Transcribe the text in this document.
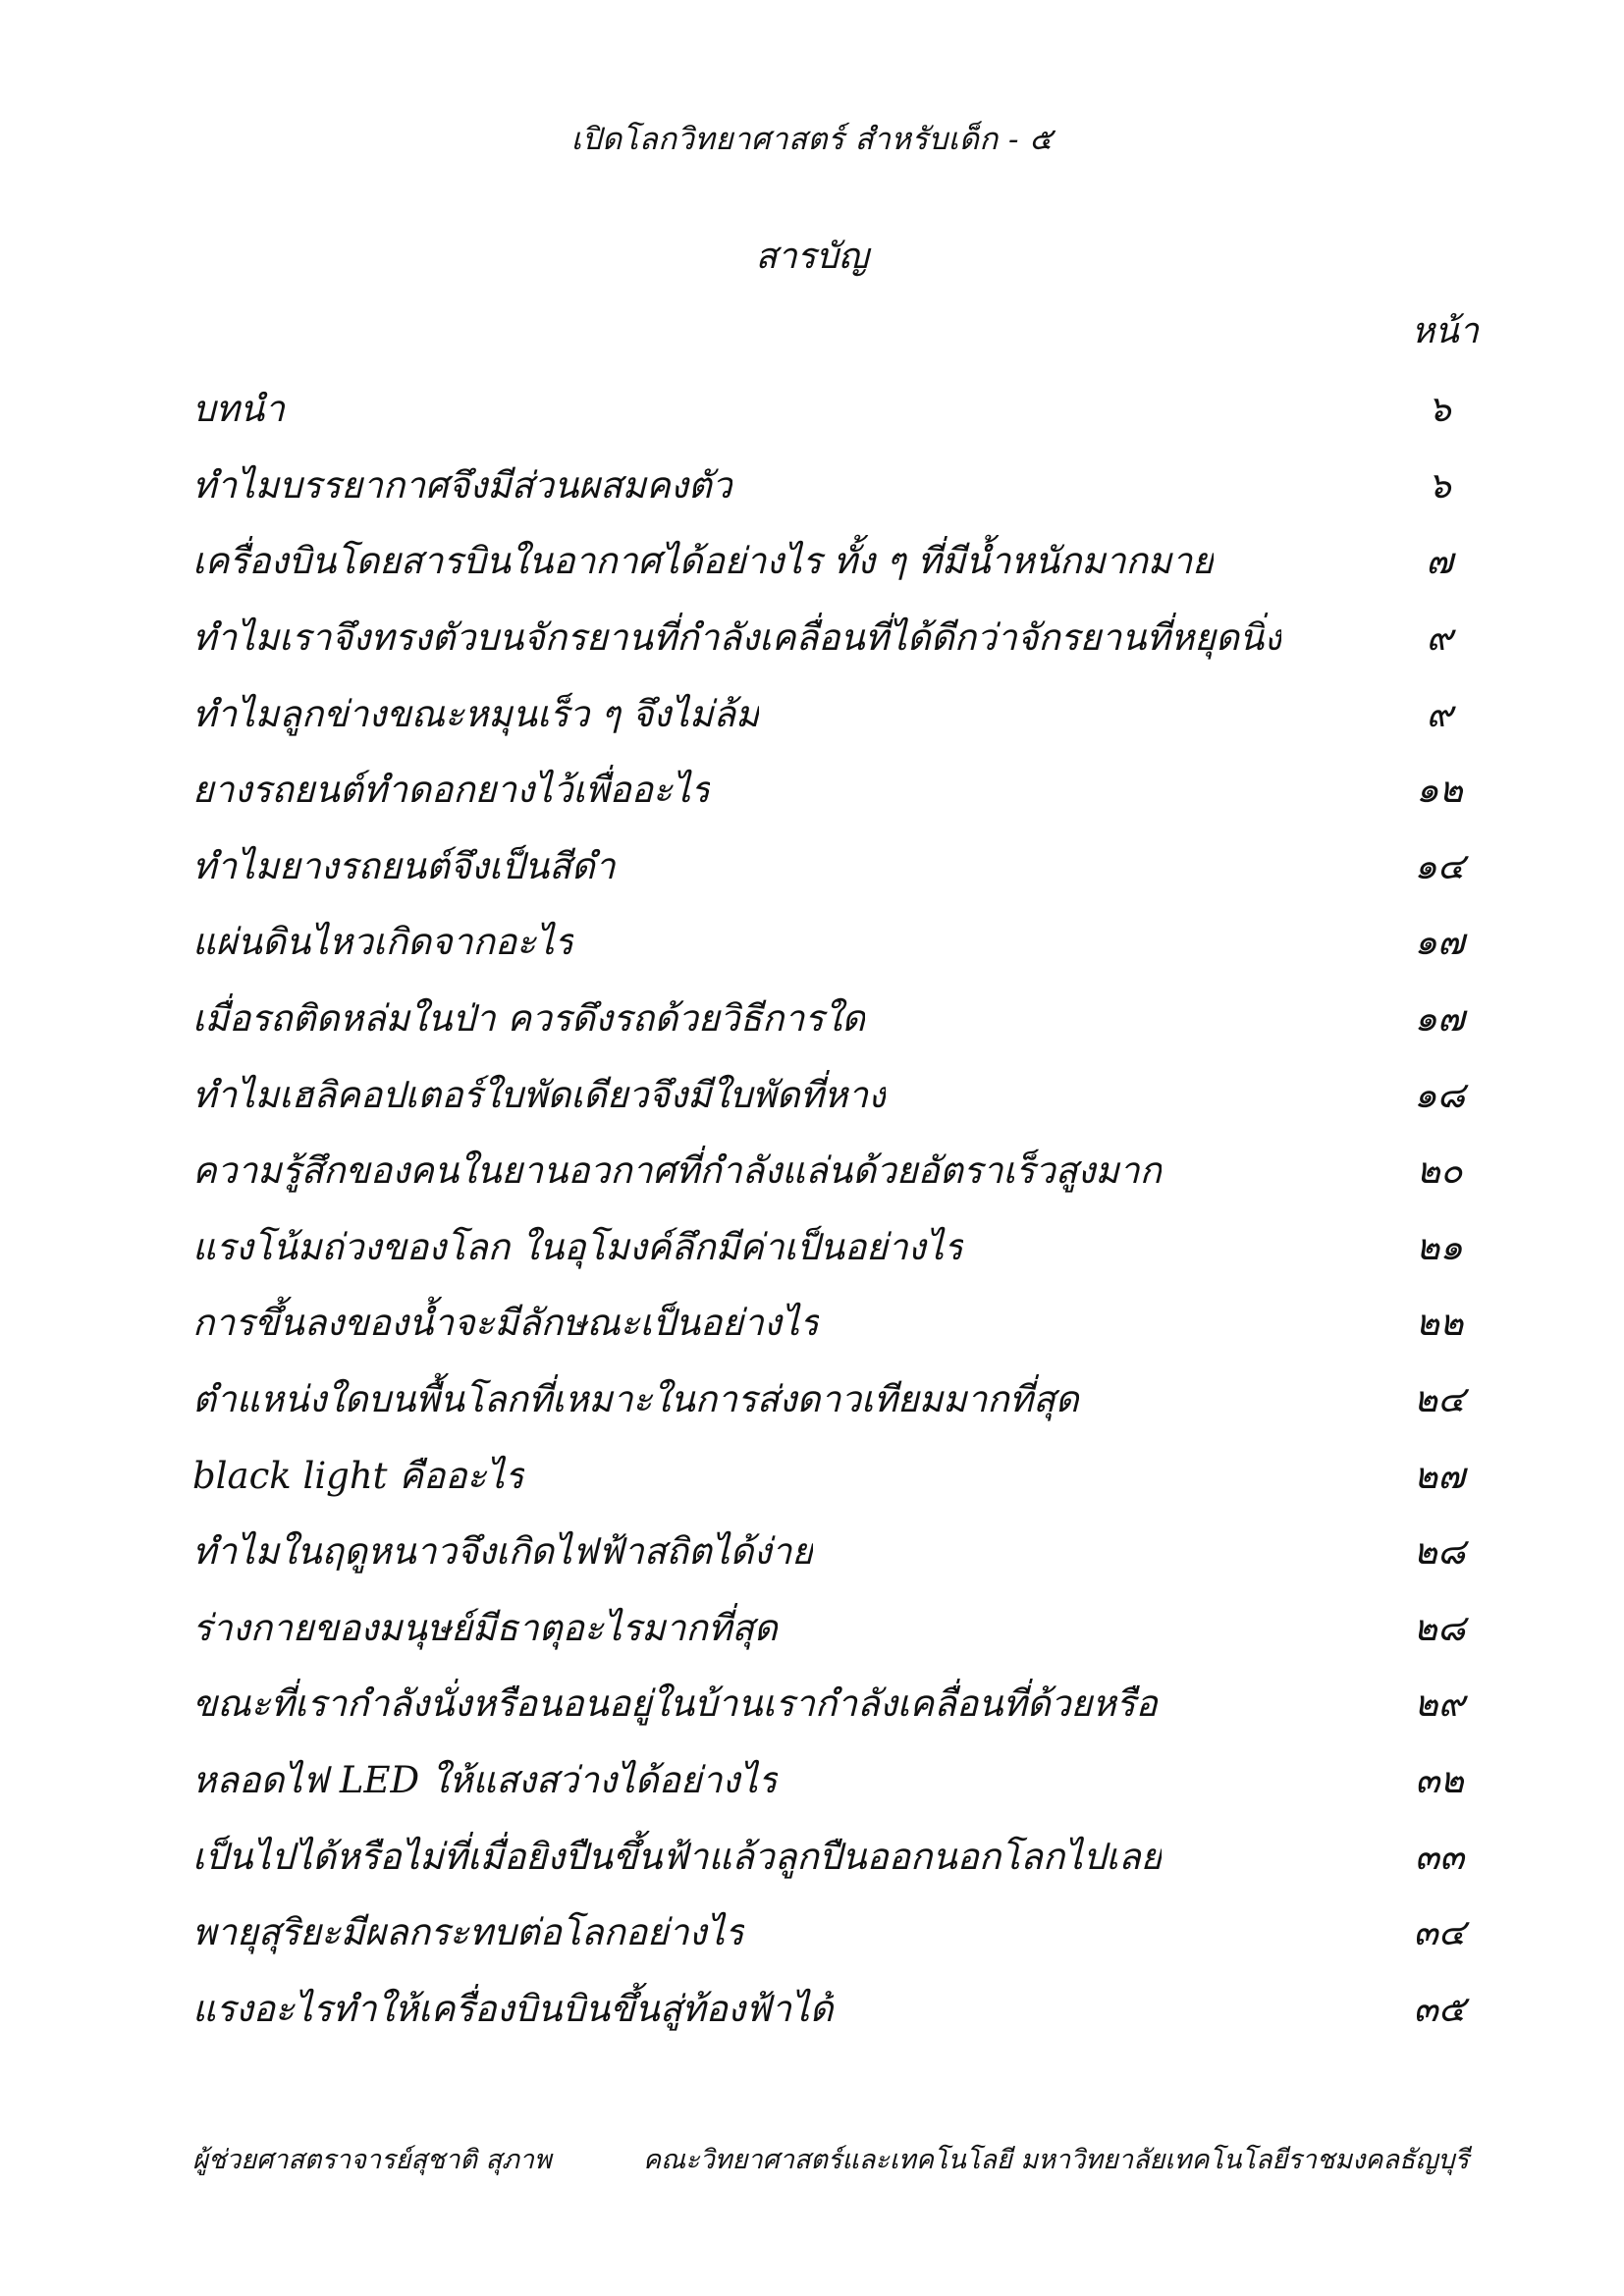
เปิดโลกวิทยาศาสตร์ สำหรับเด็ก - ๕
สารบัญ
หน้า
บทนำ	๖
ทำไมบรรยากาศจึงมีส่วนผสมคงตัว	๖
เครื่องบินโดยสารบินในอากาศได้อย่างไร ทั้ง ๆ ที่มีน้ำหนักมากมาย	๗
ทำไมเราจึงทรงตัวบนจักรยานที่กำลังเคลื่อนที่ได้ดีกว่าจักรยานที่หยุดนิ่ง	๙
ทำไมลูกข่างขณะหมุนเร็ว ๆ จึงไม่ล้ม	๙
ยางรถยนต์ทำดอกยางไว้เพื่ออะไร	๑๒
ทำไมยางรถยนต์จึงเป็นสีดำ	๑๔
แผ่นดินไหวเกิดจากอะไร	๑๗
เมื่อรถติดหล่มในป่า ควรดึงรถด้วยวิธีการใด	๑๗
ทำไมเฮลิคอปเตอร์ใบพัดเดียวจึงมีใบพัดที่หาง	๑๘
ความรู้สึกของคนในยานอวกาศที่กำลังแล่นด้วยอัตราเร็วสูงมาก	๒๐
แรงโน้มถ่วงของโลก ในอุโมงค์ลึกมีค่าเป็นอย่างไร	๒๑
การขึ้นลงของน้ำจะมีลักษณะเป็นอย่างไร	๒๒
ตำแหน่งใดบนพื้นโลกที่เหมาะในการส่งดาวเทียมมากที่สุด	๒๔
black light คืออะไร	๒๗
ทำไมในฤดูหนาวจึงเกิดไฟฟ้าสถิตได้ง่าย	๒๘
ร่างกายของมนุษย์มีธาตุอะไรมากที่สุด	๒๘
ขณะที่เรากำลังนั่งหรือนอนอยู่ในบ้านเรากำลังเคลื่อนที่ด้วยหรือ	๒๙
หลอดไฟ LED ให้แสงสว่างได้อย่างไร	๓๒
เป็นไปได้หรือไม่ที่เมื่อยิงปืนขึ้นฟ้าแล้วลูกปืนออกนอกโลกไปเลย	๓๓
พายุสุริยะมีผลกระทบต่อโลกอย่างไร	๓๔
แรงอะไรทำให้เครื่องบินบินขึ้นสู่ท้องฟ้าได้	๓๕
ผู้ช่วยศาสตราจารย์สุชาติ สุภาพ	คณะวิทยาศาสตร์และเทคโนโลยี มหาวิทยาลัยเทคโนโลยีราชมงคลธัญบุรี
